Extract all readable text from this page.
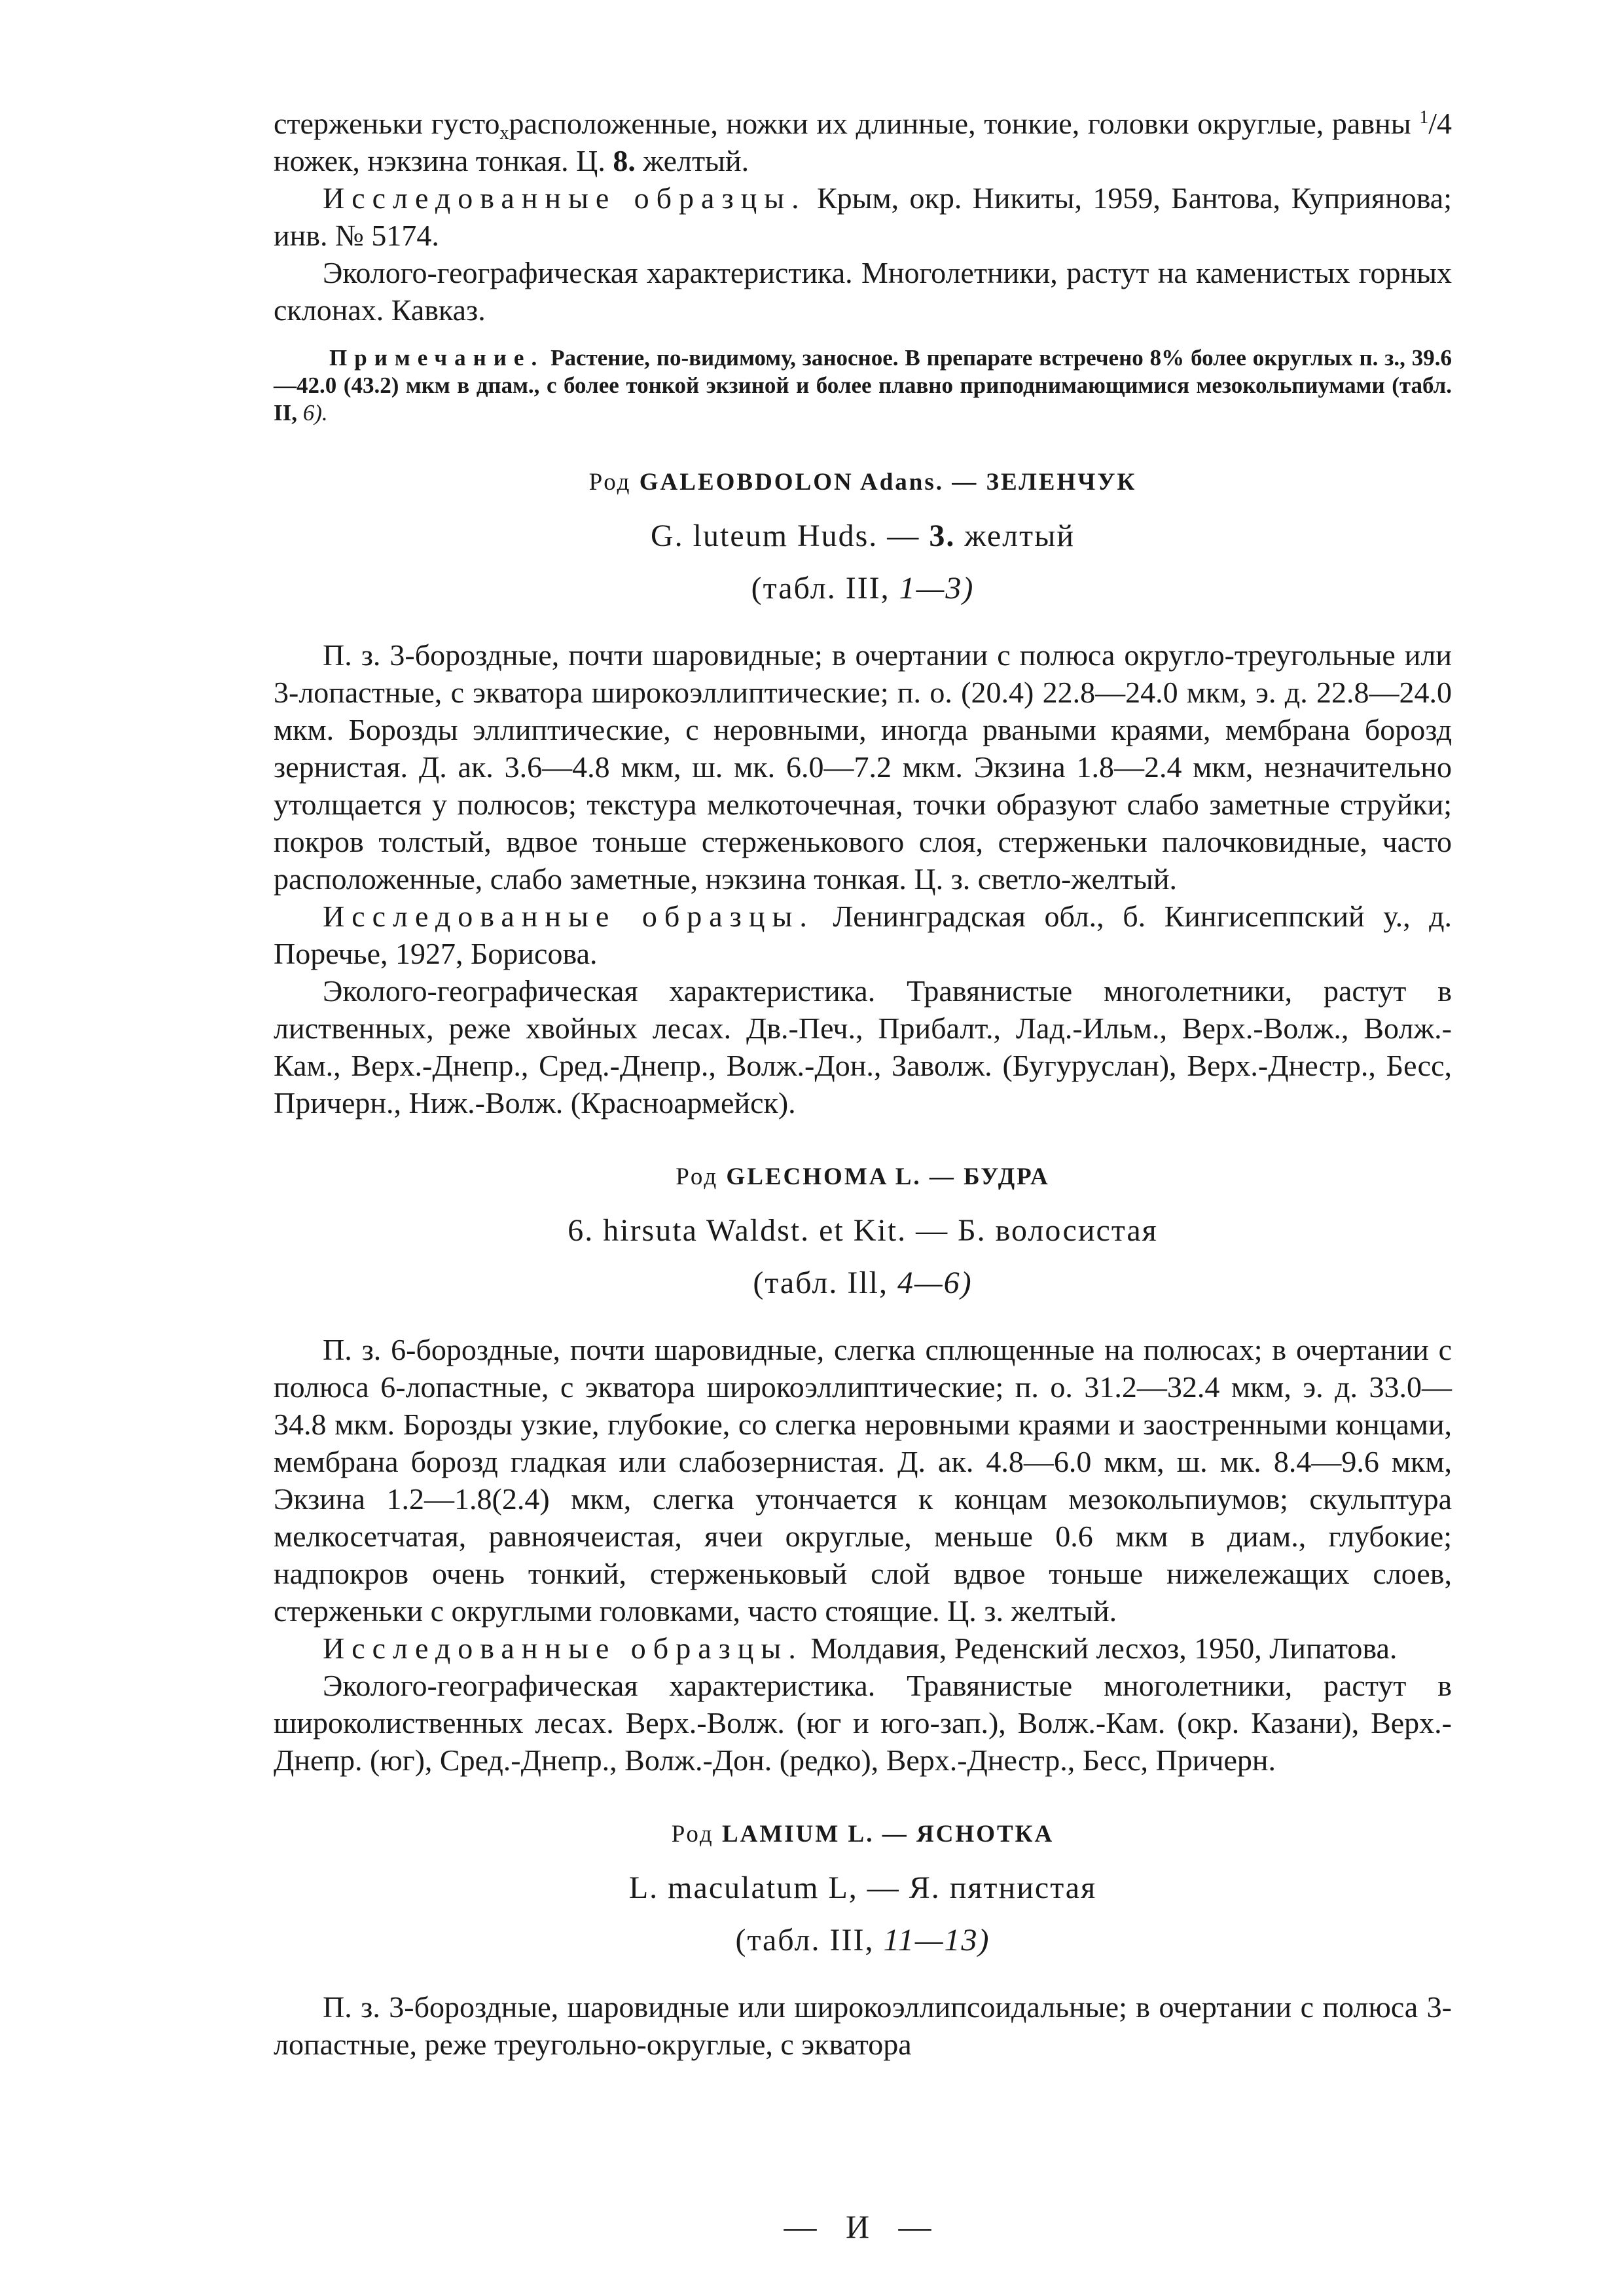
стерженьки густо$_х$расположенные, ножки их длинные, тонкие, головки округлые, равны $^1$/4 ножек, нэкзина тонкая. Ц. 8. желтый.

Исследованные образцы. Крым, окр. Никиты, 1959, Бантова, Куприянова; инв. № 5174.

Эколого-географическая характеристика. Многолетники, растут на каменистых горных склонах. Кавказ.

Примечание. Растение, по-видимому, заносное. В препарате встречено 8% более округлых п. з., 39.6—42.0 (43.2) мкм в дпам., с более тонкой экзиной и более плавно приподнимающимися мезокольпиумами (табл. II, 6).

Род GALEOBDOLON Adans. — ЗЕЛЕНЧУК

G. luteum Huds. — 3. желтый

(табл. III, 1—3)

П. з. 3-бороздные, почти шаровидные; в очертании с полюса округло-треугольные или 3-лопастные, с экватора широкоэллиптические; п. о. (20.4) 22.8—24.0 мкм, э. д. 22.8—24.0 мкм. Борозды эллиптические, с неровными, иногда рваными краями, мембрана борозд зернистая. Д. ак. 3.6—4.8 мкм, ш. мк. 6.0—7.2 мкм. Экзина 1.8—2.4 мкм, незначительно утолщается у полюсов; текстура мелкоточечная, точки образуют слабо заметные струйки; покров толстый, вдвое тоньше стерженькового слоя, стерженьки палочковидные, часто расположенные, слабо заметные, нэкзина тонкая. Ц. з. светло-желтый.

Исследованные образцы. Ленинградская обл., б. Кингисеппский у., д. Поречье, 1927, Борисова.

Эколого-географическая характеристика. Травянистые многолетники, растут в лиственных, реже хвойных лесах. Дв.-Печ., Прибалт., Лад.-Ильм., Верх.-Волж., Волж.-Кам., Верх.-Днепр., Сред.-Днепр., Волж.-Дон., Заволж. (Бугуруслан), Верх.-Днестр., Бесс, Причерн., Ниж.-Волж. (Красноармейск).

Род GLECHOMA L. — БУДРА

6. hirsuta Waldst. et Kit. — Б. волосистая

(табл. Ill, 4—6)

П. з. 6-бороздные, почти шаровидные, слегка сплющенные на полюсах; в очертании с полюса 6-лопастные, с экватора широкоэллиптические; п. о. 31.2—32.4 мкм, э. д. 33.0—34.8 мкм. Борозды узкие, глубокие, со слегка неровными краями и заостренными концами, мембрана борозд гладкая или слабозернистая. Д. ак. 4.8—6.0 мкм, ш. мк. 8.4—9.6 мкм, Экзина 1.2—1.8(2.4) мкм, слегка утончается к концам мезокольпиумов; скульптура мелкосетчатая, равноячеистая, ячеи округлые, меньше 0.6 мкм в диам., глубокие; надпокров очень тонкий, стерженьковый слой вдвое тоньше нижележащих слоев, стерженьки с округлыми головками, часто стоящие. Ц. з. желтый.

Исследованные образцы. Молдавия, Реденский лесхоз, 1950, Липатова.

Эколого-географическая характеристика. Травянистые многолетники, растут в широколиственных лесах. Верх.-Волж. (юг и юго-зап.), Волж.-Кам. (окр. Казани), Верх.-Днепр. (юг), Сред.-Днепр., Волж.-Дон. (редко), Верх.-Днестр., Бесс, Причерн.

Род LAMIUM L. — ЯСНОТКА

L. maculatum L, — Я. пятнистая

(табл. III, 11—13)

П. з. 3-бороздные, шаровидные или широкоэллипсоидальные; в очертании с полюса 3-лопастные, реже треугольно-округлые, с экватора

— И —
